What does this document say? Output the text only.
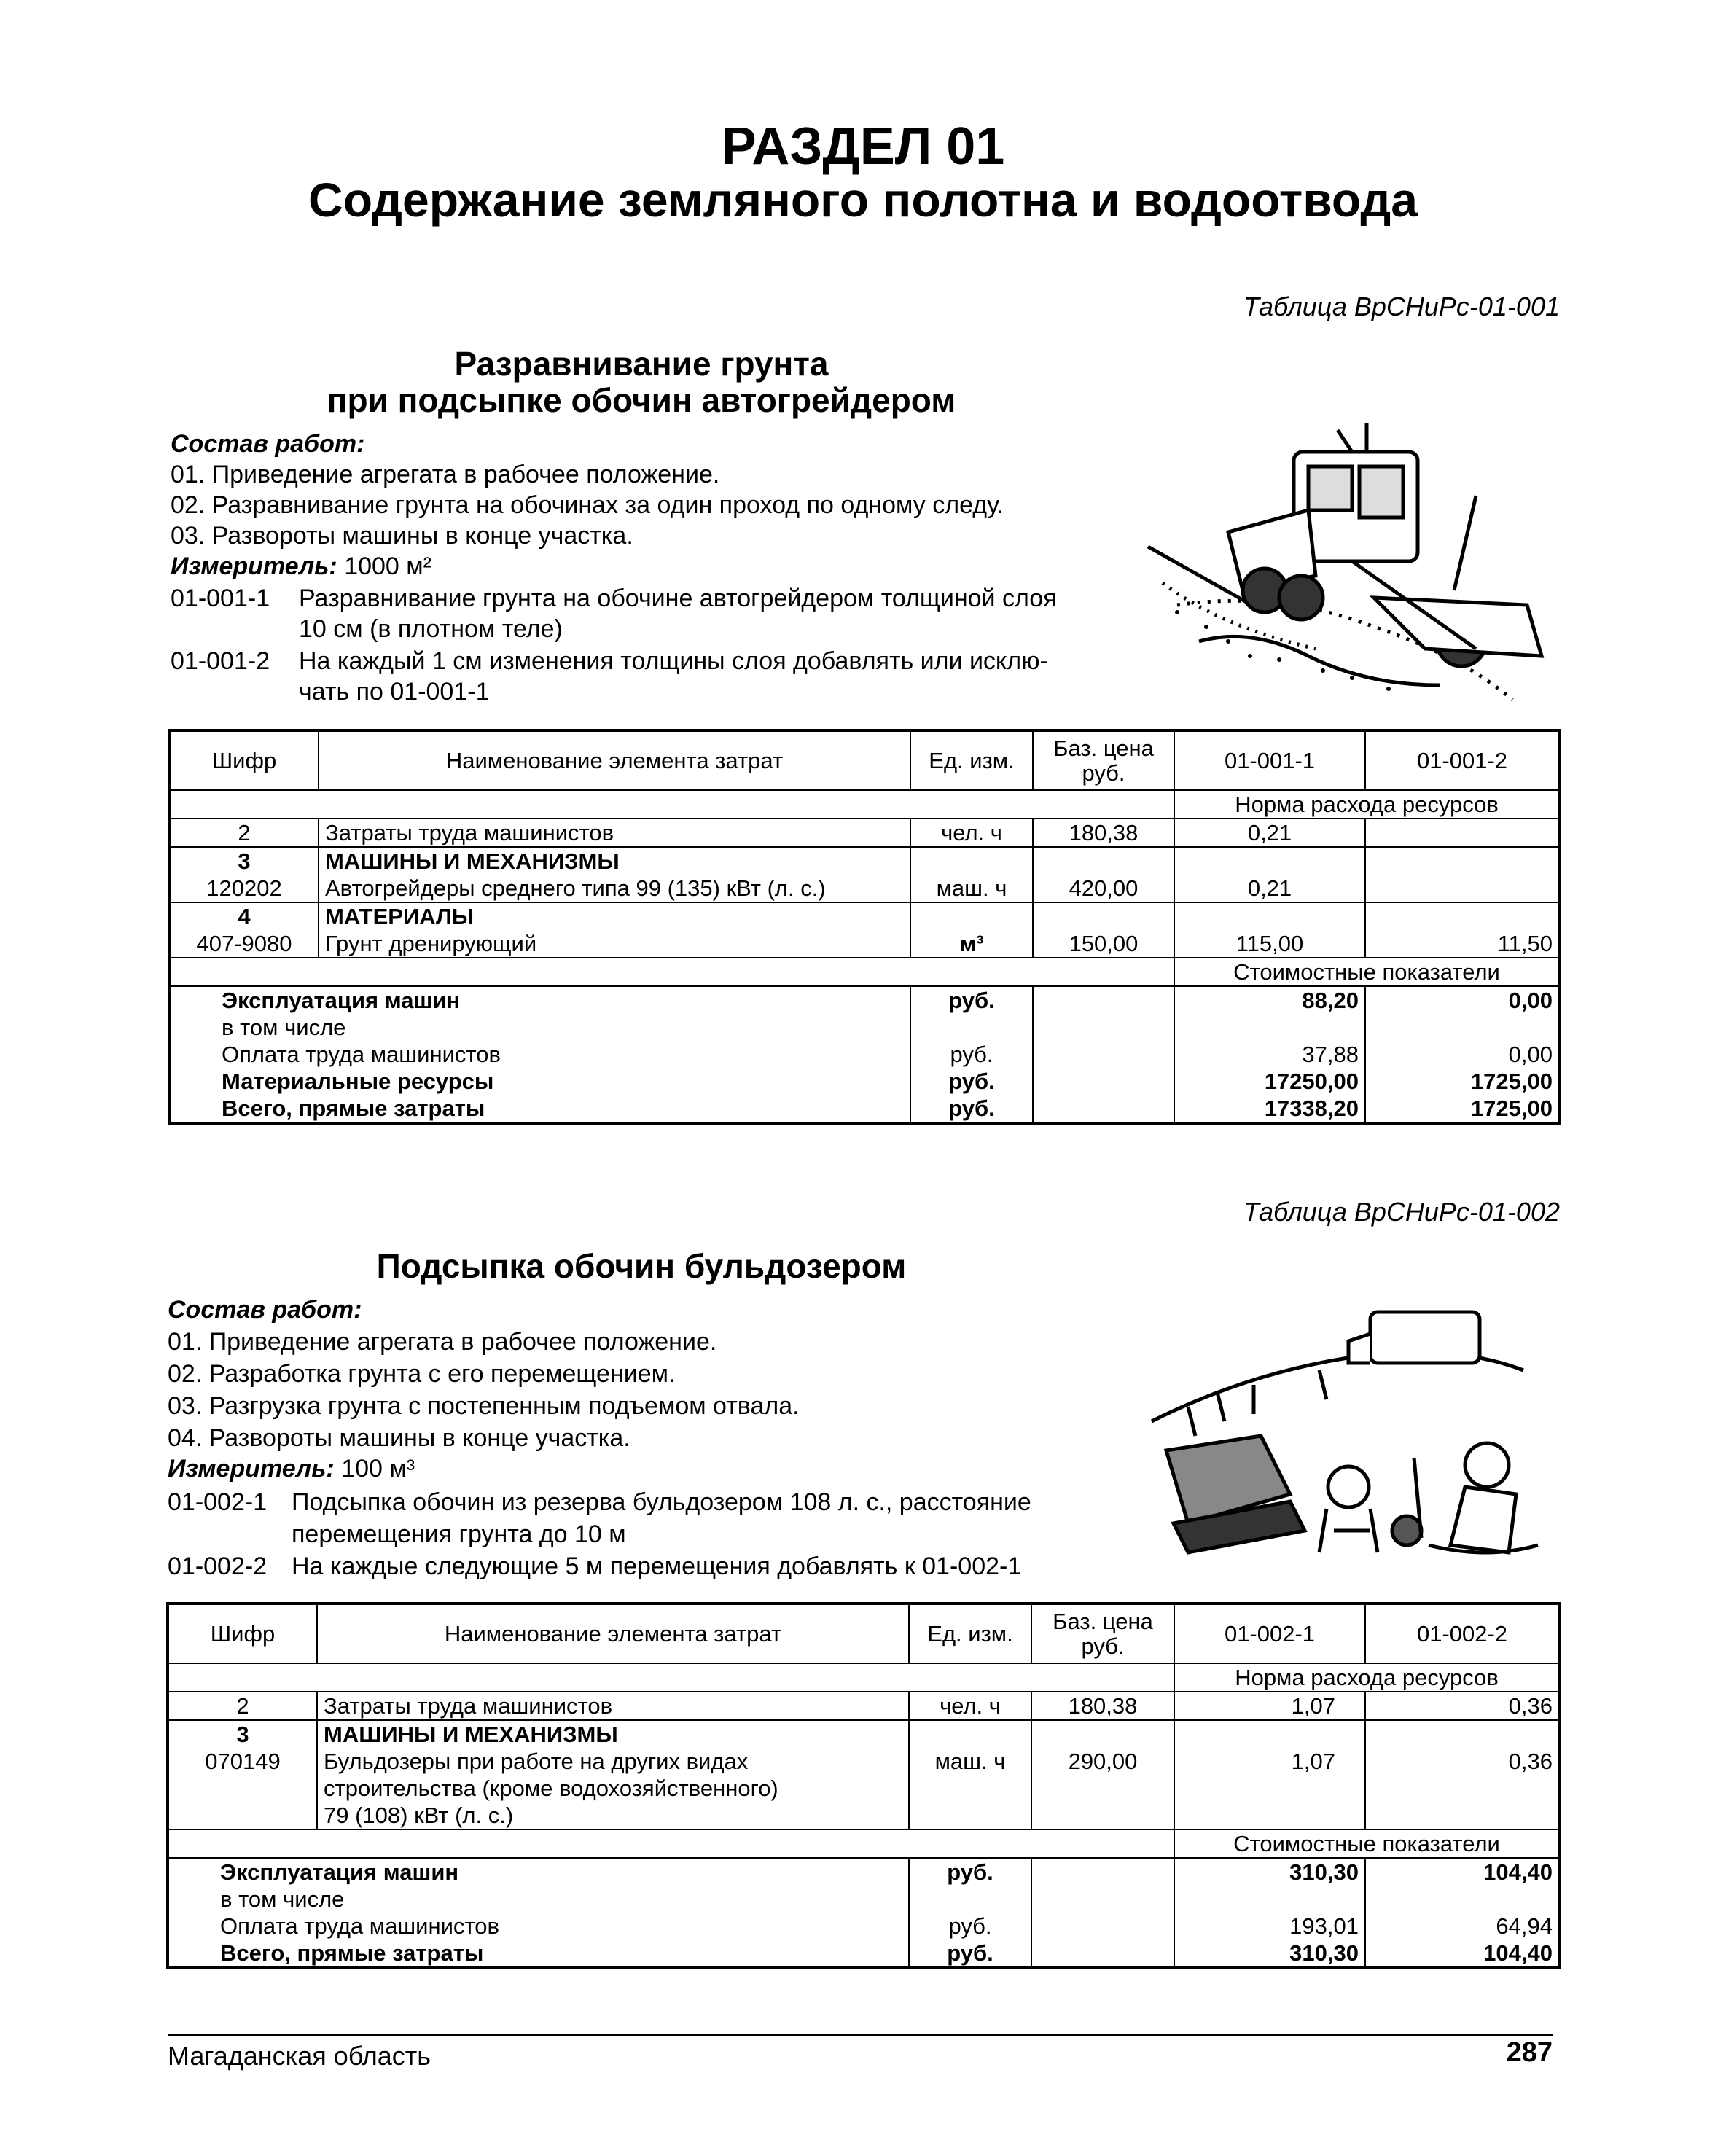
РАЗДЕЛ 01
Содержание земляного полотна и водоотвода
Таблица ВрСНиРс-01-001
Разравнивание грунта
при подсыпке обочин автогрейдером
Состав работ:
01. Приведение агрегата в рабочее положение.
02. Разравнивание грунта на обочинах за один проход по одному следу.
03. Развороты машины в конце участка.
Измеритель: 1000 м²
01-001-1 Разравнивание грунта на обочине автогрейдером толщиной слоя
10 см (в плотном теле)
01-001-2 На каждый 1 см изменения толщины слоя добавлять или исклю-
чать по 01-001-1
Шифр	Наименование элемента затрат	Ед. изм.	Баз. цена
руб.	01-001-1	01-001-2
				Норма расхода ресурсов	
2	Затраты труда машинистов	чел. ч	180,38	0,21	
3	МАШИНЫ И МЕХАНИЗМЫ				
120202	Автогрейдеры среднего типа 99 (135) кВт (л. с.)	маш. ч	420,00	0,21	
4	МАТЕРИАЛЫ				
407-9080	Грунт дренирующий	м³	150,00	115,00	11,50
				Стоимостные показатели	
Эксплуатация машин		руб.		88,20	0,00
в том числе					
Оплата труда машинистов		руб.		37,88	0,00
Материальные ресурсы		руб.		17250,00	1725,00
Всего, прямые затраты		руб.		17338,20	1725,00
Таблица ВрСНиРс-01-002
Подсыпка обочин бульдозером
Состав работ:
01. Приведение агрегата в рабочее положение.
02. Разработка грунта с его перемещением.
03. Разгрузка грунта с постепенным подъемом отвала.
04. Развороты машины в конце участка.
Измеритель: 100 м³
01-002-1 Подсыпка обочин из резерва бульдозером 108 л. с., расстояние
перемещения грунта до 10 м
01-002-2 На каждые следующие 5 м перемещения добавлять к 01-002-1
Шифр	Наименование элемента затрат	Ед. изм.	Баз. цена
руб.	01-002-1	01-002-2
				Норма расхода ресурсов	
2	Затраты труда машинистов	чел. ч	180,38	1,07	0,36
3	МАШИНЫ И МЕХАНИЗМЫ				
070149	Бульдозеры при работе на других видах	маш. ч	290,00	1,07	0,36
	строительства (кроме водохозяйственного)				
	79 (108) кВт (л. с.)				
				Стоимостные показатели	
Эксплуатация машин		руб.		310,30	104,40
в том числе					
Оплата труда машинистов		руб.		193,01	64,94
Всего, прямые затраты		руб.		310,30	104,40
Магаданская область	287
